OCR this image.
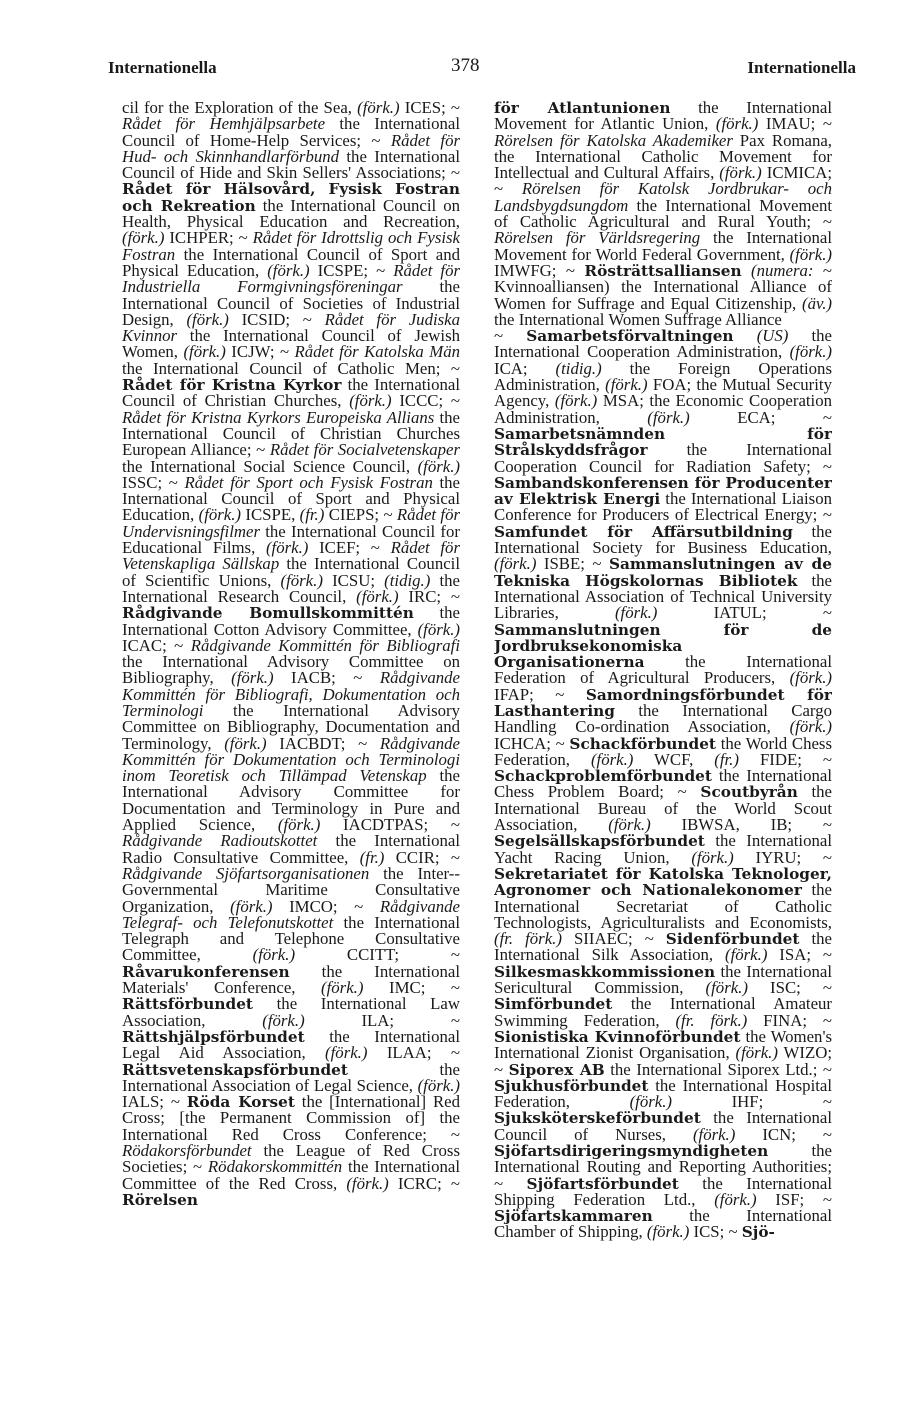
Internationella	378	Internationella

cil for the Exploration of the Sea, (förk.) ICES; ~ Rådet för Hemhjälpsarbete the International Council of Home-Help Services; ~ Rådet för Hud- och Skinnhandlarförbund the International Council of Hide and Skin Sellers' Associations; ~ Rådet för Hälsovård, Fysisk Fostran och Rekreation the International Council on Health, Physical Education and Recreation, (förk.) ICHPER; ~ Rådet för Idrottslig och Fysisk Fostran the International Council of Sport and Physical Education, (förk.) ICSPE; ~ Rådet för Industriella Formgivningsföreningar the International Council of Societies of Industrial Design, (förk.) ICSID; ~ Rådet för Judiska Kvinnor the International Council of Jewish Women, (förk.) ICJW; ~ Rådet för Katolska Män the International Council of Catholic Men; ~ Rådet för Kristna Kyrkor the International Council of Christian Churches, (förk.) ICCC; ~ Rådet för Kristna Kyrkors Europeiska Allians the International Council of Christian Churches European Alliance; ~ Rådet för Socialvetenskaper the International Social Science Council, (förk.) ISSC; ~ Rådet för Sport och Fysisk Fostran the International Council of Sport and Physical Education, (förk.) ICSPE, (fr.) CIEPS; ~ Rådet för Undervisningsfilmer the International Council for Educational Films, (förk.) ICEF; ~ Rådet för Vetenskapliga Sällskap the International Council of Scientific Unions, (förk.) ICSU; (tidig.) the International Research Council, (förk.) IRC; ~ Rådgivande Bomullskommittén the International Cotton Advisory Committee, (förk.) ICAC; ~ Rådgivande Kommittén för Bibliografi the International Advisory Committee on Bibliography, (förk.) IACB; ~ Rådgivande Kommittén för Bibliografi, Dokumentation och Terminologi the International Advisory Committee on Bibliography, Documentation and Terminology, (förk.) IACBDT; ~ Rådgivande Kommittén för Dokumentation och Terminologi inom Teoretisk och Tillämpad Vetenskap the International Advisory Committee for Documentation and Terminology in Pure and Applied Science, (förk.) IACDTPAS; ~ Rådgivande Radioutskottet the International Radio Consultative Committee, (fr.) CCIR; ~ Rådgivande Sjöfartsorganisationen the Inter--Governmental Maritime Consultative Organization, (förk.) IMCO; ~ Rådgivande Telegraf- och Telefonutskottet the International Telegraph and Telephone Consultative Committee, (förk.) CCITT; ~ Råvarukonferensen the International Materials' Conference, (förk.) IMC; ~ Rättsförbundet the International Law Association, (förk.) ILA; ~ Rättshjälpsförbundet the International Legal Aid Association, (förk.) ILAA; ~ Rättsvetenskapsförbundet the International Association of Legal Science, (förk.) IALS; ~ Röda Korset the [International] Red Cross; [the Permanent Commission of] the International Red Cross Conference; ~ Rödakorsförbundet the League of Red Cross Societies; ~ Rödakorskommittén the International Committee of the Red Cross, (förk.) ICRC; ~ Rörelsen

för Atlantunionen the International Movement for Atlantic Union, (förk.) IMAU; ~ Rörelsen för Katolska Akademiker Pax Romana, the International Catholic Movement for Intellectual and Cultural Affairs, (förk.) ICMICA; ~ Rörelsen för Katolsk Jordbrukar- och Landsbygdsungdom the International Movement of Catholic Agricultural and Rural Youth; ~ Rörelsen för Världsregering the International Movement for World Federal Government, (förk.) IMWFG; ~ Rösträttsalliansen (numera: ~ Kvinnoalliansen) the International Alliance of Women for Suffrage and Equal Citizenship, (äv.) the International Women Suffrage Alliance

~ Samarbetsförvaltningen (US) the International Cooperation Administration, (förk.) ICA; (tidig.) the Foreign Operations Administration, (förk.) FOA; the Mutual Security Agency, (förk.) MSA; the Economic Cooperation Administration, (förk.) ECA; ~ Samarbetsnämnden för Strålskyddsfrågor the International Cooperation Council for Radiation Safety; ~ Sambandskonferensen för Producenter av Elektrisk Energi the International Liaison Conference for Producers of Electrical Energy; ~ Samfundet för Affärsutbildning the International Society for Business Education, (förk.) ISBE; ~ Sammanslutningen av de Tekniska Högskolornas Bibliotek the International Association of Technical University Libraries, (förk.) IATUL; ~ Sammanslutningen för de Jordbruksekonomiska Organisationerna the International Federation of Agricultural Producers, (förk.) IFAP; ~ Samordningsförbundet för Lasthantering the International Cargo Handling Co-ordination Association, (förk.) ICHCA; ~ Schackförbundet the World Chess Federation, (förk.) WCF, (fr.) FIDE; ~ Schackproblemförbundet the International Chess Problem Board; ~ Scoutbyrån the International Bureau of the World Scout Association, (förk.) IBWSA, IB; ~ Segelsällskapsförbundet the International Yacht Racing Union, (förk.) IYRU; ~ Sekretariatet för Katolska Teknologer, Agronomer och Nationalekonomer the International Secretariat of Catholic Technologists, Agriculturalists and Economists, (fr. förk.) SIIAEC; ~ Sidenförbundet the International Silk Association, (förk.) ISA; ~ Silkesmaskkommissionen the International Sericultural Commission, (förk.) ISC; ~ Simförbundet the International Amateur Swimming Federation, (fr. förk.) FINA; ~ Sionistiska Kvinnoförbundet the Women's International Zionist Organisation, (förk.) WIZO; ~ Siporex AB the International Siporex Ltd.; ~ Sjukhusförbundet the International Hospital Federation, (förk.) IHF; ~ Sjuksköterskeförbundet the International Council of Nurses, (förk.) ICN; ~ Sjöfartsdirigeringsmyndigheten the International Routing and Reporting Authorities; ~ Sjöfartsförbundet the International Shipping Federation Ltd., (förk.) ISF; ~ Sjöfartskammaren the International Chamber of Shipping, (förk.) ICS; ~ Sjö-
